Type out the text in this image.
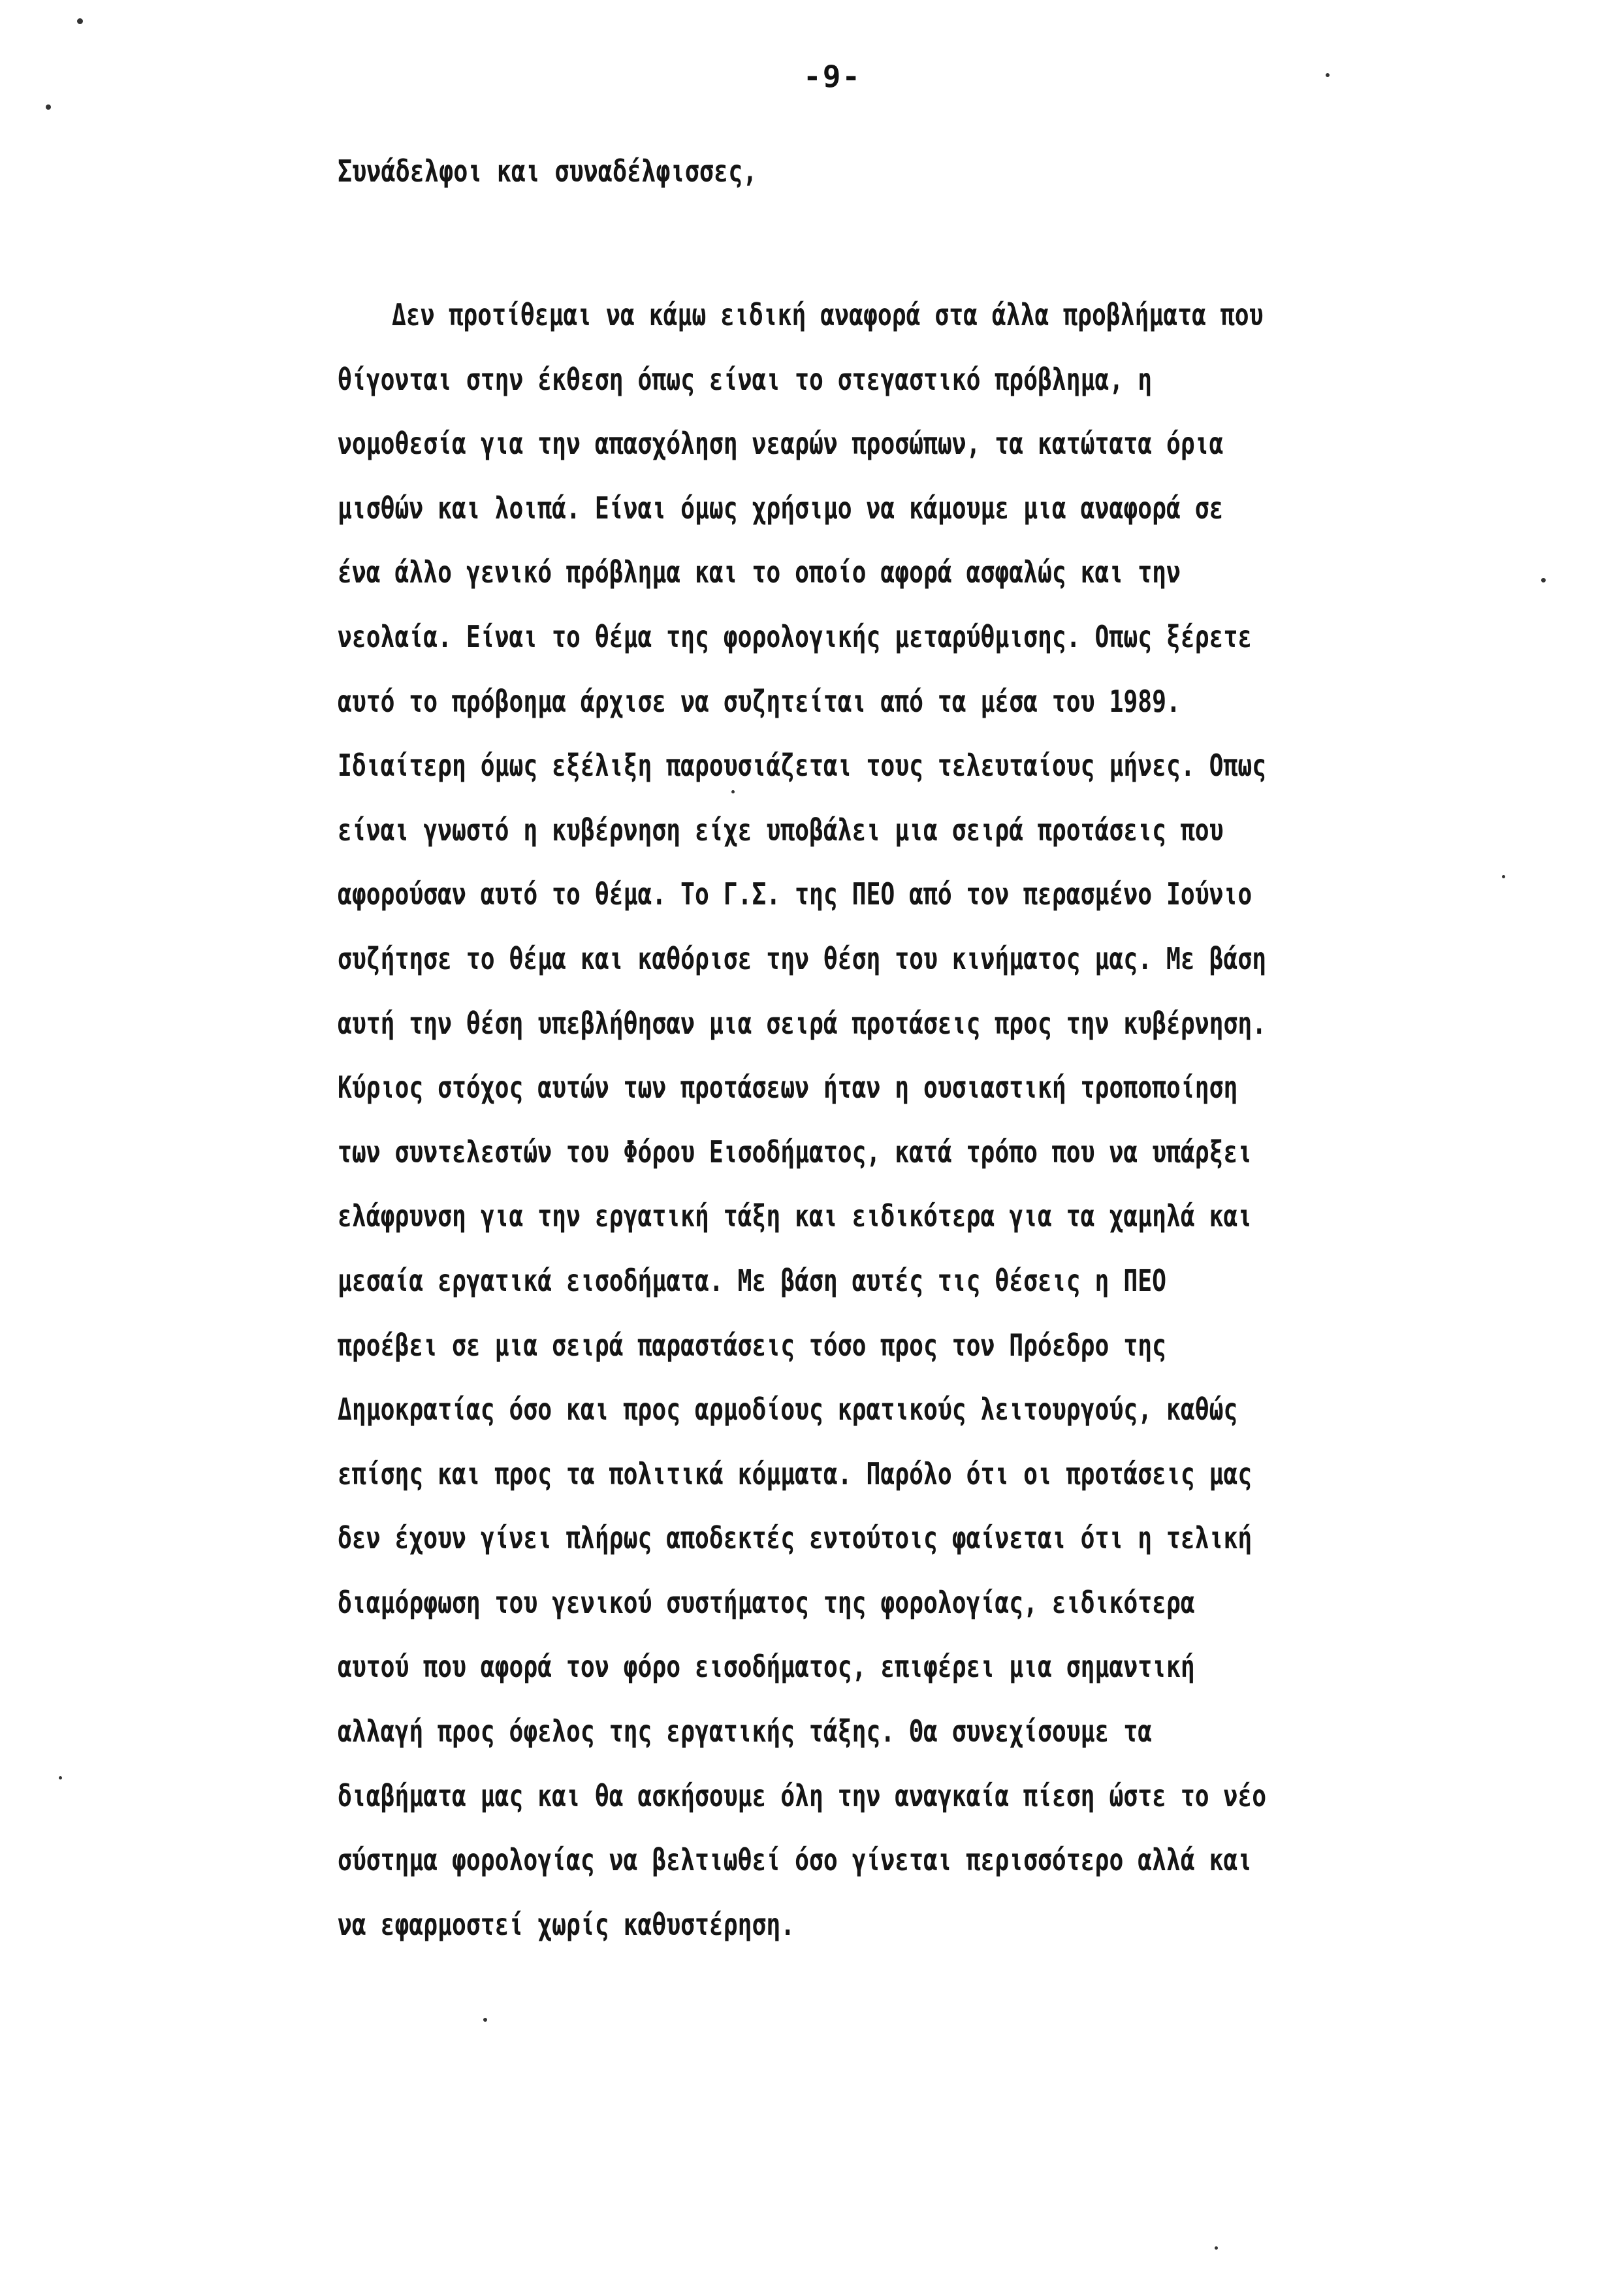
-9-
Συνάδελφοι και συναδέλφισσες,
Δεν προτίθεμαι να κάμω ειδική αναφορά στα άλλα προβλήματα που
θίγονται στην έκθεση όπως είναι το στεγαστικό πρόβλημα, η
νομοθεσία για την απασχόληση νεαρών προσώπων, τα κατώτατα όρια
μισθών και λοιπά. Είναι όμως χρήσιμο να κάμουμε μια αναφορά σε
ένα άλλο γενικό πρόβλημα και το οποίο αφορά ασφαλώς και την
νεολαία. Είναι το θέμα της φορολογικής μεταρύθμισης. Οπως ξέρετε
αυτό το πρόβοημα άρχισε να συζητείται από τα μέσα του 1989.
Ιδιαίτερη όμως εξέλιξη παρουσιάζεται τους τελευταίους μήνες. Οπως
είναι γνωστό η κυβέρνηση είχε υποβάλει μια σειρά προτάσεις που
αφορούσαν αυτό το θέμα. Το Γ.Σ. της ΠΕΟ από τον περασμένο Ιούνιο
συζήτησε το θέμα και καθόρισε την θέση του κινήματος μας. Με βάση
αυτή την θέση υπεβλήθησαν μια σειρά προτάσεις προς την κυβέρνηση.
Κύριος στόχος αυτών των προτάσεων ήταν η ουσιαστική τροποποίηση
των συντελεστών του Φόρου Εισοδήματος, κατά τρόπο που να υπάρξει
ελάφρυνση για την εργατική τάξη και ειδικότερα για τα χαμηλά και
μεσαία εργατικά εισοδήματα. Με βάση αυτές τις θέσεις η ΠΕΟ
προέβει σε μια σειρά παραστάσεις τόσο προς τον Πρόεδρο της
Δημοκρατίας όσο και προς αρμοδίους κρατικούς λειτουργούς, καθώς
επίσης και προς τα πολιτικά κόμματα. Παρόλο ότι οι προτάσεις μας
δεν έχουν γίνει πλήρως αποδεκτές εντούτοις φαίνεται ότι η τελική
διαμόρφωση του γενικού συστήματος της φορολογίας, ειδικότερα
αυτού που αφορά τον φόρο εισοδήματος, επιφέρει μια σημαντική
αλλαγή προς όφελος της εργατικής τάξης. Θα συνεχίσουμε τα
διαβήματα μας και θα ασκήσουμε όλη την αναγκαία πίεση ώστε το νέο
σύστημα φορολογίας να βελτιωθεί όσο γίνεται περισσότερο αλλά και
να εφαρμοστεί χωρίς καθυστέρηση.
